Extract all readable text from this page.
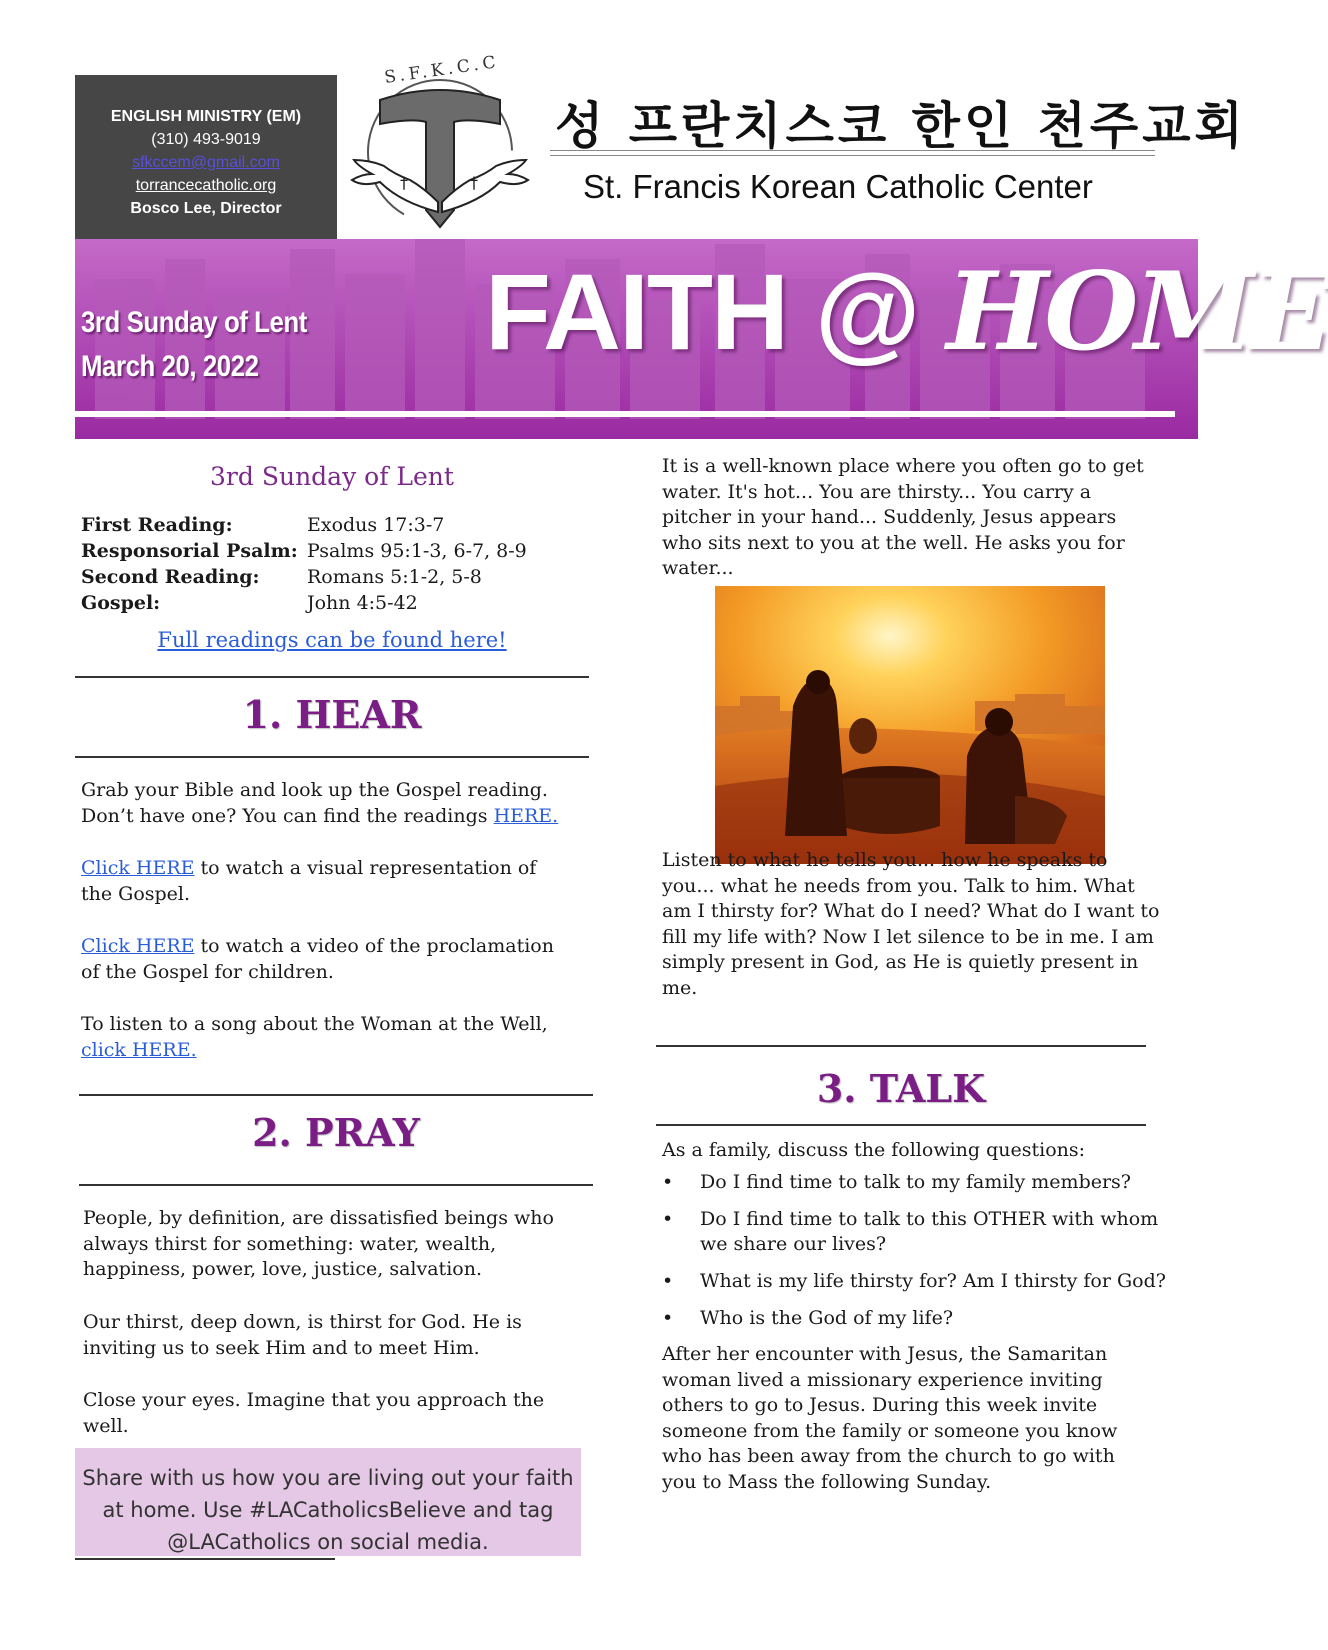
ENGLISH MINISTRY (EM)
(310) 493-9019
sfkccem@gmail.com
torrancecatholic.org
Bosco Lee, Director
†	†
S.F.K.C.C
성 프란치스코 한인 천주교회
St. Francis Korean Catholic Center
3rd Sunday of Lent
March 20, 2022	FAITH @ HOME
3rd Sunday of Lent
First Reading:	Exodus 17:3-7
Responsorial Psalm: Psalms 95:1-3, 6-7, 8-9
Second Reading:	Romans 5:1-2, 5-8
Gospel:	John 4:5-42
Full readings can be found here!
1. HEAR
Grab your Bible and look up the Gospel reading. Don’t have one? You can find the readings HERE.
Click HERE to watch a visual representation of the Gospel.
Click HERE to watch a video of the proclamation of the Gospel for children.
To listen to a song about the Woman at the Well, click HERE.
2. PRAY
People, by definition, are dissatisfied beings who always thirst for something: water, wealth, happiness, power, love, justice, salvation.
Our thirst, deep down, is thirst for God. He is inviting us to seek Him and to meet Him.
Close your eyes. Imagine that you approach the well.
Share with us how you are living out your faith at home. Use #LACatholicsBelieve and tag @LACatholics on social media.
It is a well-known place where you often go to get water. It's hot... You are thirsty... You carry a pitcher in your hand... Suddenly, Jesus appears who sits next to you at the well. He asks you for water...
Listen to what he tells you... how he speaks to you... what he needs from you. Talk to him. What am I thirsty for? What do I need? What do I want to fill my life with? Now I let silence to be in me. I am simply present in God, as He is quietly present in me.
3. TALK
As a family, discuss the following questions:
• Do I find time to talk to my family members?
• Do I find time to talk to this OTHER with whom we share our lives?
• What is my life thirsty for? Am I thirsty for God?
• Who is the God of my life?
After her encounter with Jesus, the Samaritan woman lived a missionary experience inviting others to go to Jesus. During this week invite someone from the family or someone you know who has been away from the church to go with you to Mass the following Sunday.
